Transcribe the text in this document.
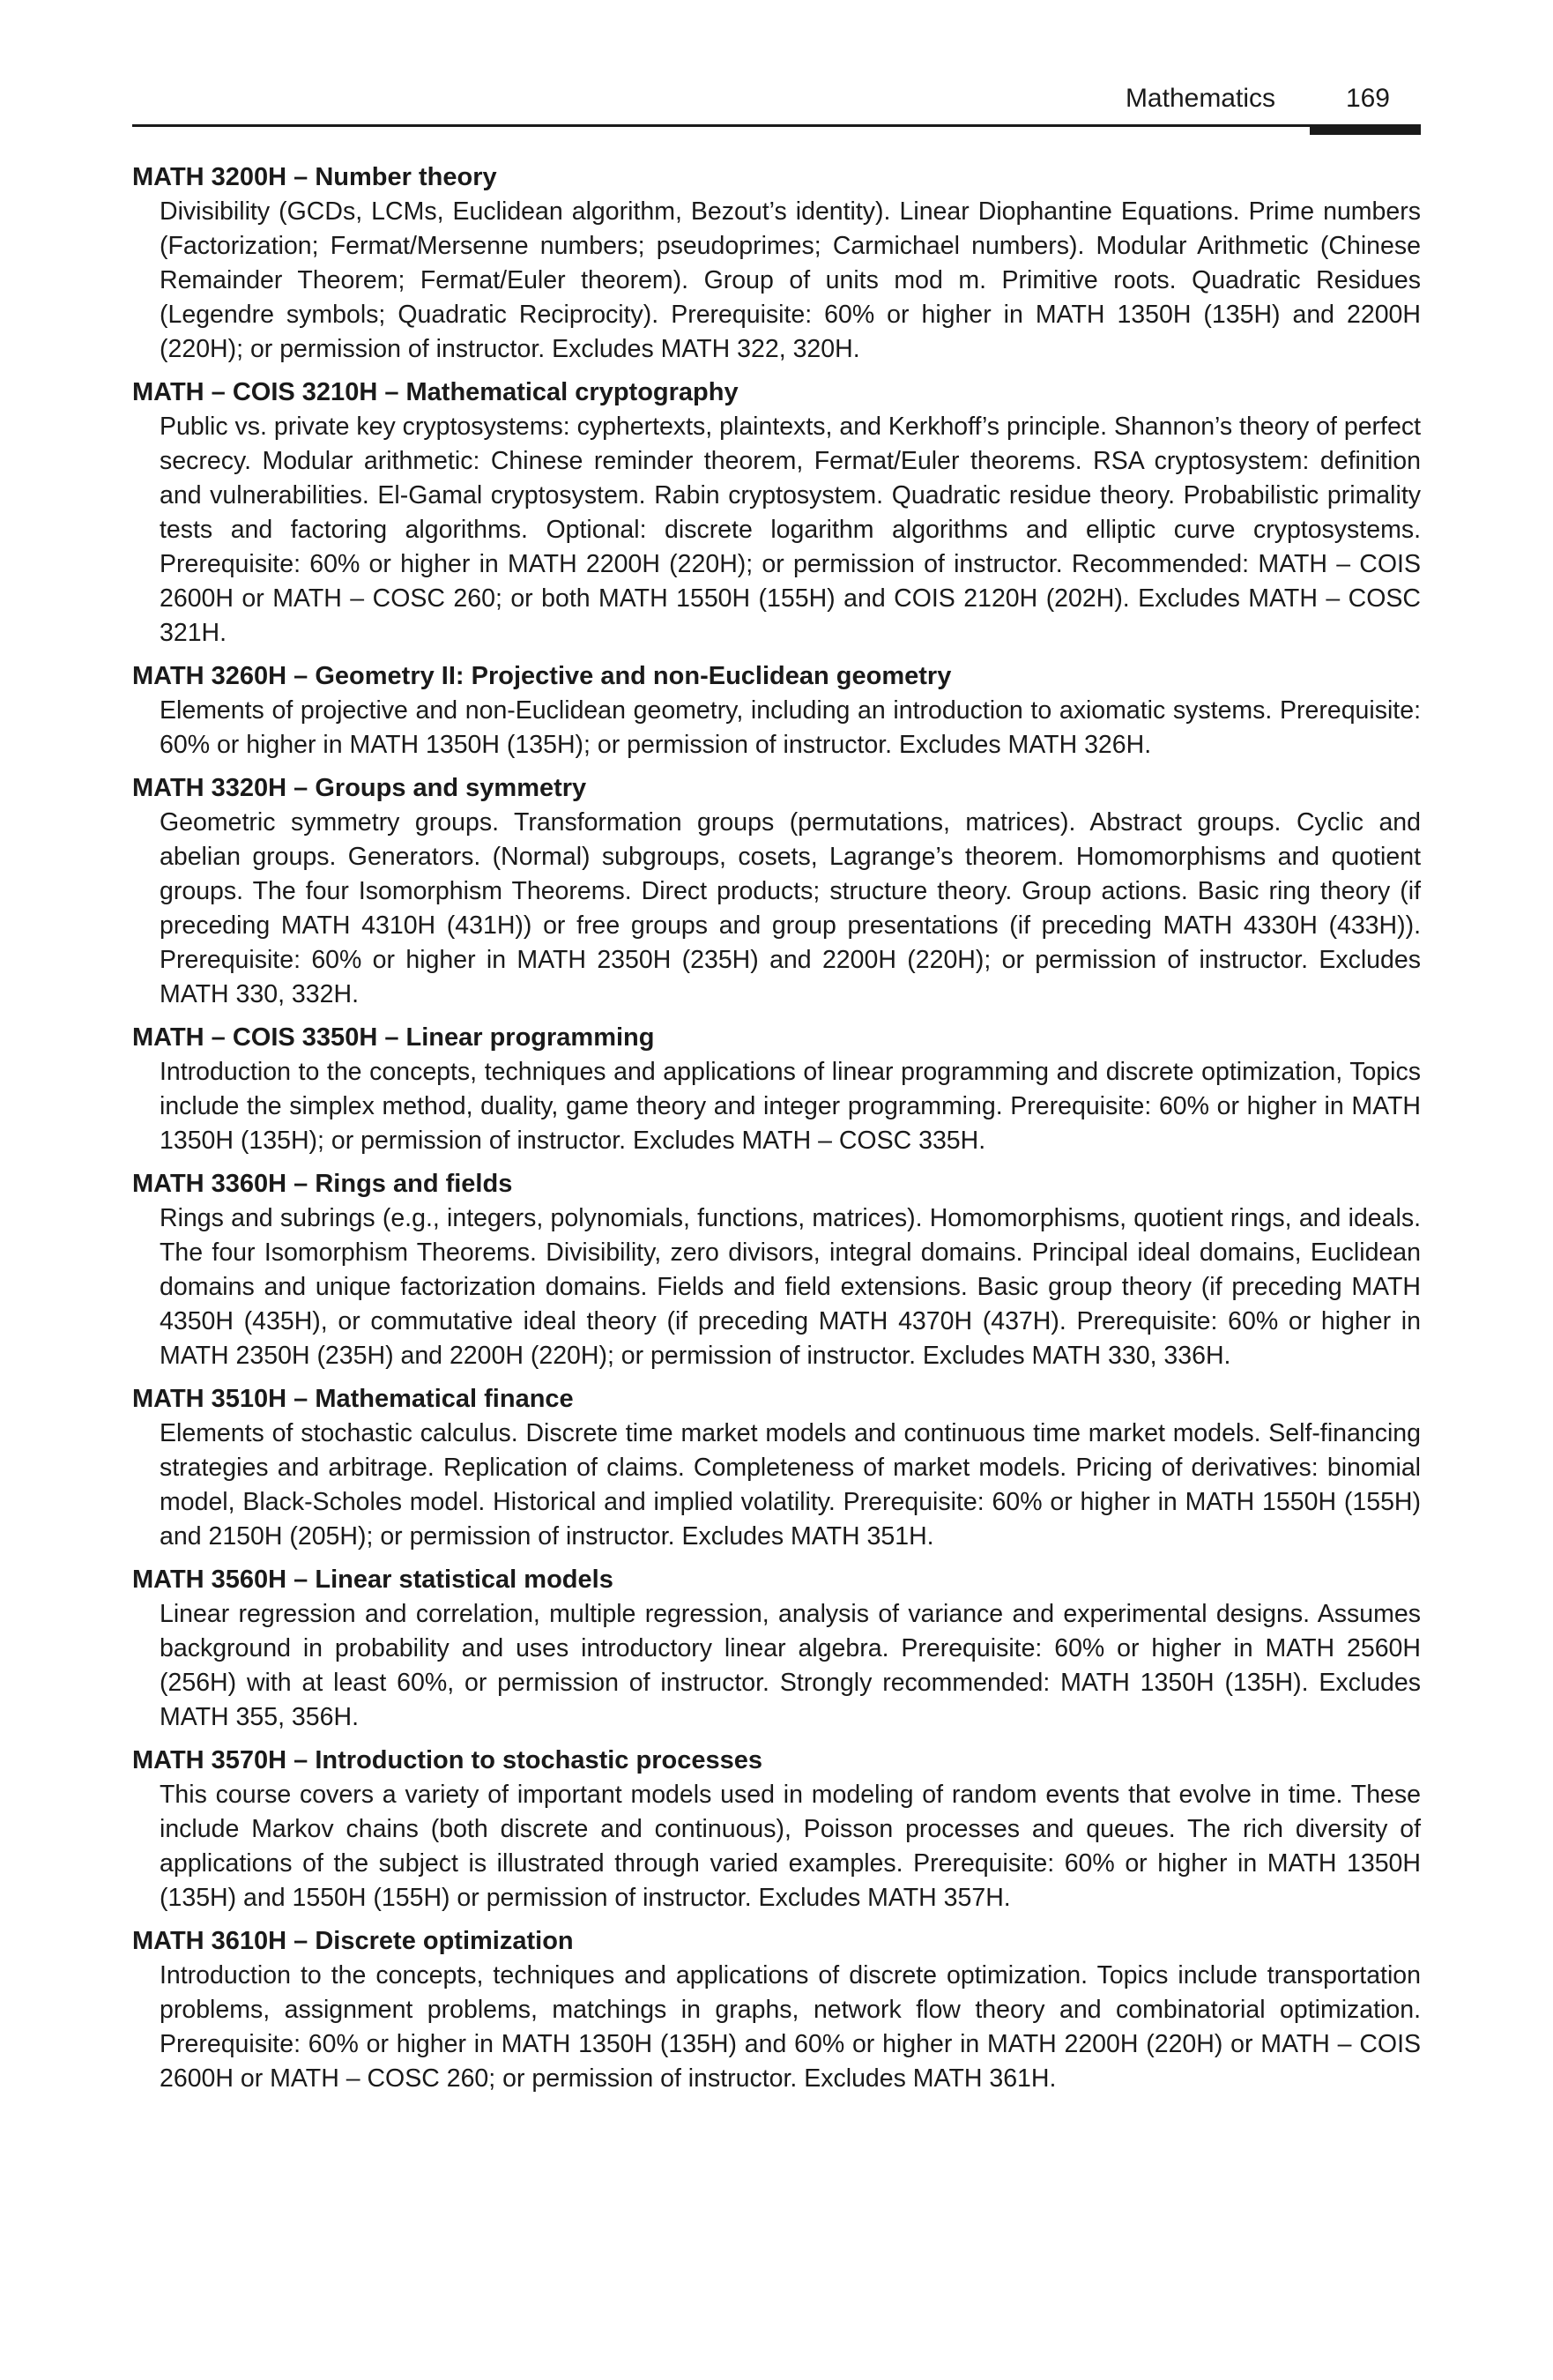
Mathematics	169
MATH 3200H – Number theory

Divisibility (GCDs, LCMs, Euclidean algorithm, Bezout’s identity). Linear Diophantine Equations. Prime numbers (Factorization; Fermat/Mersenne numbers; pseudoprimes; Carmichael numbers). Modular Arithmetic (Chinese Remainder Theorem; Fermat/Euler theorem). Group of units mod m. Primitive roots. Quadratic Residues (Legendre symbols; Quadratic Reciprocity). Prerequisite: 60% or higher in MATH 1350H (135H) and 2200H (220H); or permission of instructor. Excludes MATH 322, 320H.

MATH – COIS 3210H – Mathematical cryptography

Public vs. private key cryptosystems: cyphertexts, plaintexts, and Kerkhoff’s principle. Shannon’s theory of perfect secrecy. Modular arithmetic: Chinese reminder theorem, Fermat/Euler theorems. RSA cryptosystem: definition and vulnerabilities. El-Gamal cryptosystem. Rabin cryptosystem. Quadratic residue theory. Probabilistic primality tests and factoring algorithms. Optional: discrete logarithm algorithms and elliptic curve cryptosystems. Prerequisite: 60% or higher in MATH 2200H (220H); or permission of instructor. Recommended: MATH – COIS 2600H or MATH – COSC 260; or both MATH 1550H (155H) and COIS 2120H (202H). Excludes MATH – COSC 321H.

MATH 3260H – Geometry II: Projective and non-Euclidean geometry

Elements of projective and non-Euclidean geometry, including an introduction to axiomatic systems. Prerequisite: 60% or higher in MATH 1350H (135H); or permission of instructor. Excludes MATH 326H.

MATH 3320H – Groups and symmetry

Geometric symmetry groups. Transformation groups (permutations, matrices). Abstract groups. Cyclic and abelian groups. Generators. (Normal) subgroups, cosets, Lagrange’s theorem. Homomorphisms and quotient groups. The four Isomorphism Theorems. Direct products; structure theory. Group actions. Basic ring theory (if preceding MATH 4310H (431H)) or free groups and group presentations (if preceding MATH 4330H (433H)). Prerequisite: 60% or higher in MATH 2350H (235H) and 2200H (220H); or permission of instructor. Excludes MATH 330, 332H.

MATH – COIS 3350H – Linear programming

Introduction to the concepts, techniques and applications of linear programming and discrete optimization, Topics include the simplex method, duality, game theory and integer programming. Prerequisite: 60% or higher in MATH 1350H (135H); or permission of instructor. Excludes MATH – COSC 335H.

MATH 3360H – Rings and fields

Rings and subrings (e.g., integers, polynomials, functions, matrices). Homomorphisms, quotient rings, and ideals. The four Isomorphism Theorems. Divisibility, zero divisors, integral domains. Principal ideal domains, Euclidean domains and unique factorization domains. Fields and field extensions. Basic group theory (if preceding MATH 4350H (435H), or commutative ideal theory (if preceding MATH 4370H (437H). Prerequisite: 60% or higher in MATH 2350H (235H) and 2200H (220H); or permission of instructor. Excludes MATH 330, 336H.

MATH 3510H – Mathematical finance

Elements of stochastic calculus. Discrete time market models and continuous time market models. Self-financing strategies and arbitrage. Replication of claims. Completeness of market models. Pricing of derivatives: binomial model, Black-Scholes model. Historical and implied volatility. Prerequisite: 60% or higher in MATH 1550H (155H) and 2150H (205H); or permission of instructor. Excludes MATH 351H.

MATH 3560H – Linear statistical models

Linear regression and correlation, multiple regression, analysis of variance and experimental designs. Assumes background in probability and uses introductory linear algebra. Prerequisite: 60% or higher in MATH 2560H (256H) with at least 60%, or permission of instructor. Strongly recommended: MATH 1350H (135H). Excludes MATH 355, 356H.

MATH 3570H – Introduction to stochastic processes

This course covers a variety of important models used in modeling of random events that evolve in time. These include Markov chains (both discrete and continuous), Poisson processes and queues. The rich diversity of applications of the subject is illustrated through varied examples. Prerequisite: 60% or higher in MATH 1350H (135H) and 1550H (155H) or permission of instructor. Excludes MATH 357H.

MATH 3610H – Discrete optimization

Introduction to the concepts, techniques and applications of discrete optimization. Topics include transportation problems, assignment problems, matchings in graphs, network flow theory and combinatorial optimization. Prerequisite: 60% or higher in MATH 1350H (135H) and 60% or higher in MATH 2200H (220H) or MATH – COIS 2600H or MATH – COSC 260; or permission of instructor. Excludes MATH 361H.
